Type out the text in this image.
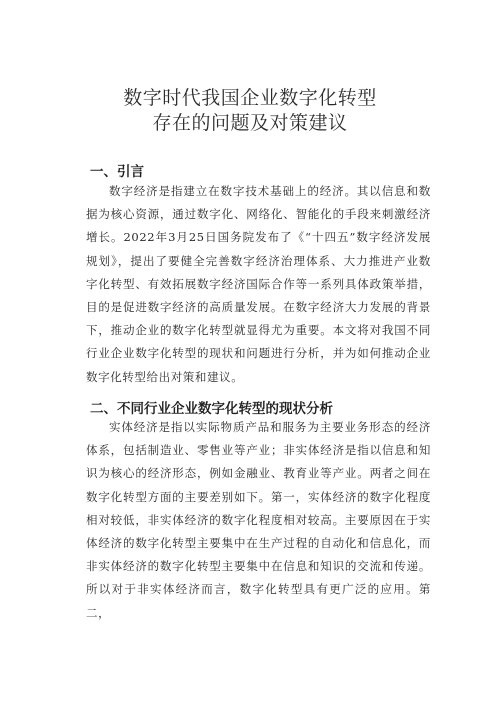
数字时代我国企业数字化转型
存在的问题及对策建议
一、引言
数字经济是指建立在数字技术基础上的经济。其以信息和数据为核心资源，通过数字化、网络化、智能化的手段来刺激经济增长。2022年3月25日国务院发布了《“十四五”数字经济发展规划》，提出了要健全完善数字经济治理体系、大力推进产业数字化转型、有效拓展数字经济国际合作等一系列具体政策举措，目的是促进数字经济的高质量发展。在数字经济大力发展的背景下，推动企业的数字化转型就显得尤为重要。本文将对我国不同行业企业数字化转型的现状和问题进行分析，并为如何推动企业数字化转型给出对策和建议。
二、不同行业企业数字化转型的现状分析
实体经济是指以实际物质产品和服务为主要业务形态的经济体系，包括制造业、零售业等产业；非实体经济是指以信息和知识为核心的经济形态，例如金融业、教育业等产业。两者之间在数字化转型方面的主要差别如下。第一，实体经济的数字化程度相对较低，非实体经济的数字化程度相对较高。主要原因在于实体经济的数字化转型主要集中在生产过程的自动化和信息化，而非实体经济的数字化转型主要集中在信息和知识的交流和传递。所以对于非实体经济而言，数字化转型具有更广泛的应用。第二，
